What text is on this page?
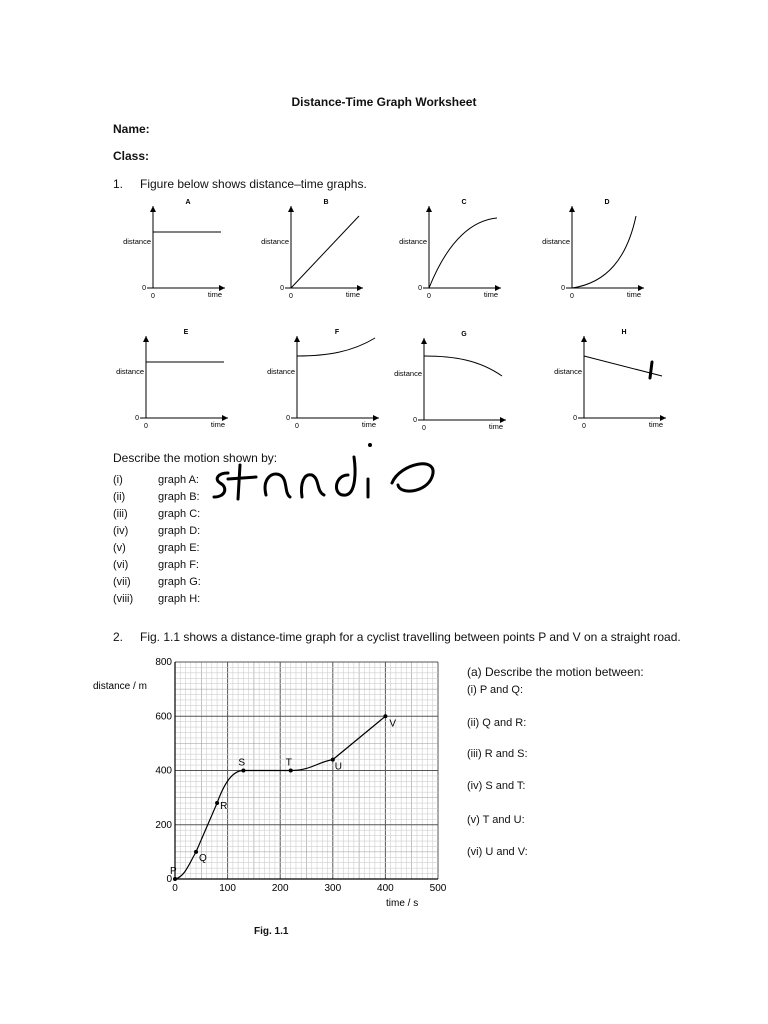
Distance-Time Graph Worksheet
Name:
Class:
1. Figure below shows distance–time graphs.
A
distance
time
0
0
B
distance
time
0
0
C
distance
time
0
0
D
distance
time
0
0
E
distance
time
0
0
F
distance
time
0
0
G
distance
time
0
0
H
distance
time
0
0
Describe the motion shown by:
(i)	graph A:
(ii)	graph B:
(iii)	graph C:
(iv)	graph D:
(v)	graph E:
(vi)	graph F:
(vii) graph G:
(viii) graph H:
2. Fig. 1.1 shows a distance-time graph for a cyclist travelling between points P and V on a straight road.
0	100	200	300	400	500
0
200
400
600
800
distance / m
time / s
P
Q
R
S	T	U
V
(a) Describe the motion between:
(i) P and Q:
(ii) Q and R:
(iii) R and S:
(iv) S and T:
(v) T and U:
(vi) U and V:
Fig. 1.1
